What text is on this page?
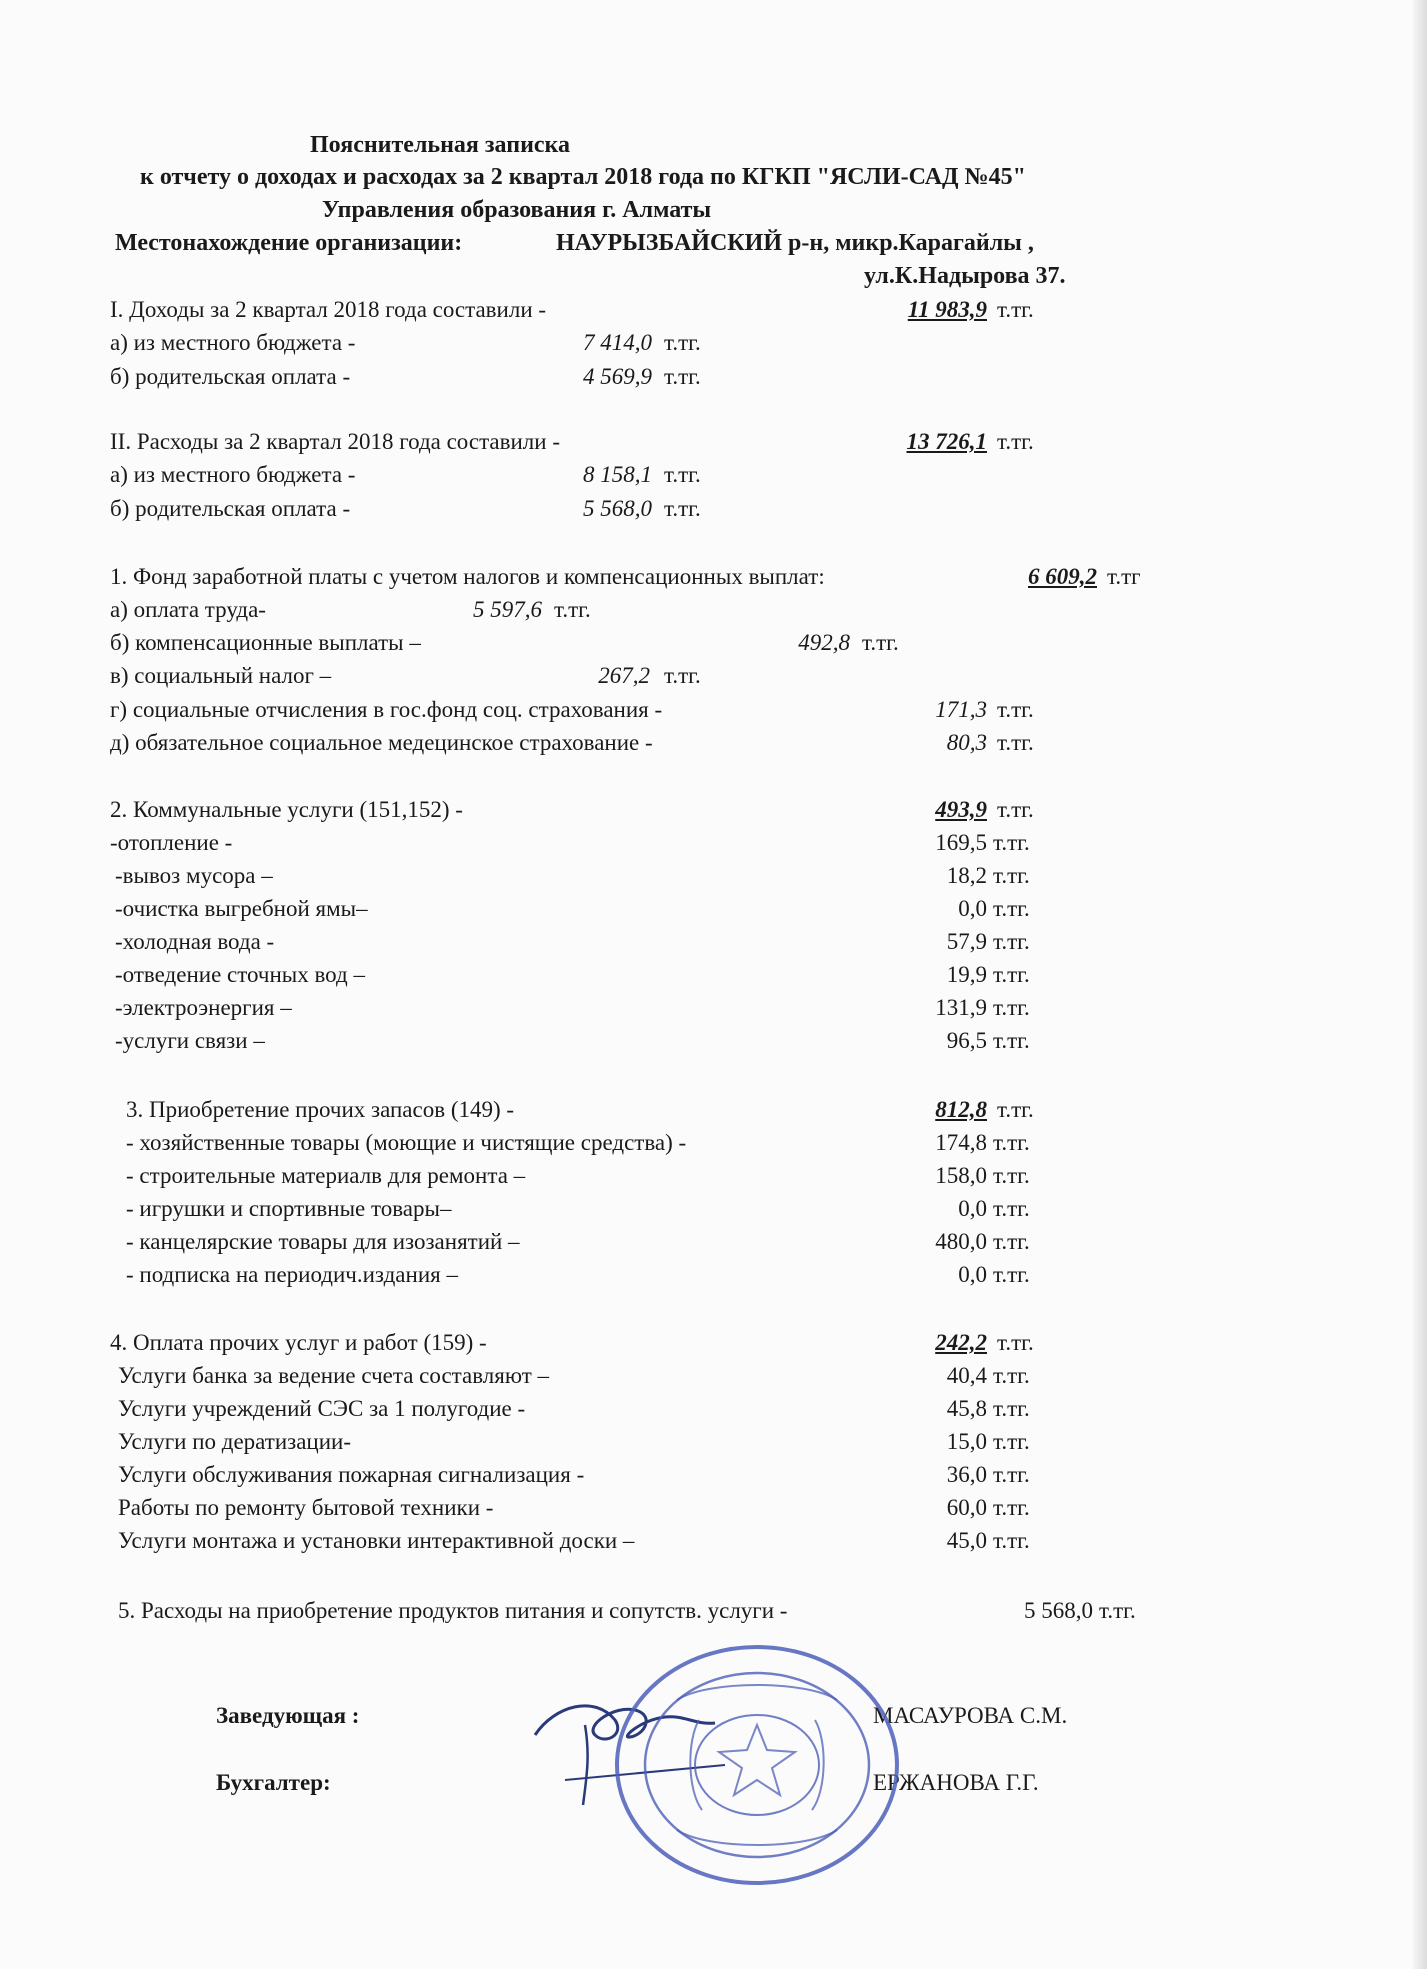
Пояснительная записка
к отчету о доходах и расходах за 2 квартал 2018 года по КГКП "ЯСЛИ-САД №45"
Управления образования г. Алматы
Местонахождение организации:	НАУРЫЗБАЙСКИЙ р-н, микр.Карагайлы ,
ул.К.Надырова 37.
I. Доходы за 2 квартал 2018 года составили -	11 983,9 т.тг.
а) из местного бюджета -	7 414,0 т.тг.
б) родительская оплата -	4 569,9 т.тг.
II. Расходы за 2 квартал 2018 года составили -	13 726,1 т.тг.
а) из местного бюджета -	8 158,1 т.тг.
б) родительская оплата -	5 568,0 т.тг.
1. Фонд заработной платы с учетом налогов и компенсационных выплат:	6 609,2 т.тг
а) оплата труда-	5 597,6 т.тг.
б) компенсационные выплаты –	492,8 т.тг.
в) социальный налог –	267,2 т.тг.
г) социальные отчисления в гос.фонд соц. страхования -	171,3 т.тг.
д) обязательное социальное медецинское страхование -	80,3 т.тг.
2. Коммунальные услуги (151,152) -	493,9 т.тг.
-отопление -	169,5 т.тг.
-вывоз мусора –	18,2 т.тг.
-очистка выгребной ямы–	0,0 т.тг.
-холодная вода -	57,9 т.тг.
-отведение сточных вод –	19,9 т.тг.
-электроэнергия –	131,9 т.тг.
-услуги связи –	96,5 т.тг.
3. Приобретение прочих запасов (149) -	812,8 т.тг.
- хозяйственные товары (моющие и чистящие средства) -	174,8 т.тг.
- строительные материалв для ремонта –	158,0 т.тг.
- игрушки и спортивные товары–	0,0 т.тг.
- канцелярские товары для изозанятий –	480,0 т.тг.
- подписка на периодич.издания –	0,0 т.тг.
4. Оплата прочих услуг и работ (159) -	242,2 т.тг.
Услуги банка за ведение счета составляют –	40,4 т.тг.
Услуги учреждений СЭС за 1 полугодие -	45,8 т.тг.
Услуги по дератизации-	15,0 т.тг.
Услуги обслуживания пожарная сигнализация -	36,0 т.тг.
Работы по ремонту бытовой техники -	60,0 т.тг.
Услуги монтажа и установки интерактивной доски –	45,0 т.тг.
5. Расходы на приобретение продуктов питания и сопутств. услуги -	5 568,0 т.тг.
Заведующая :	МАСАУРОВА С.М.
Бухгалтер:	ЕРЖАНОВА Г.Г.
